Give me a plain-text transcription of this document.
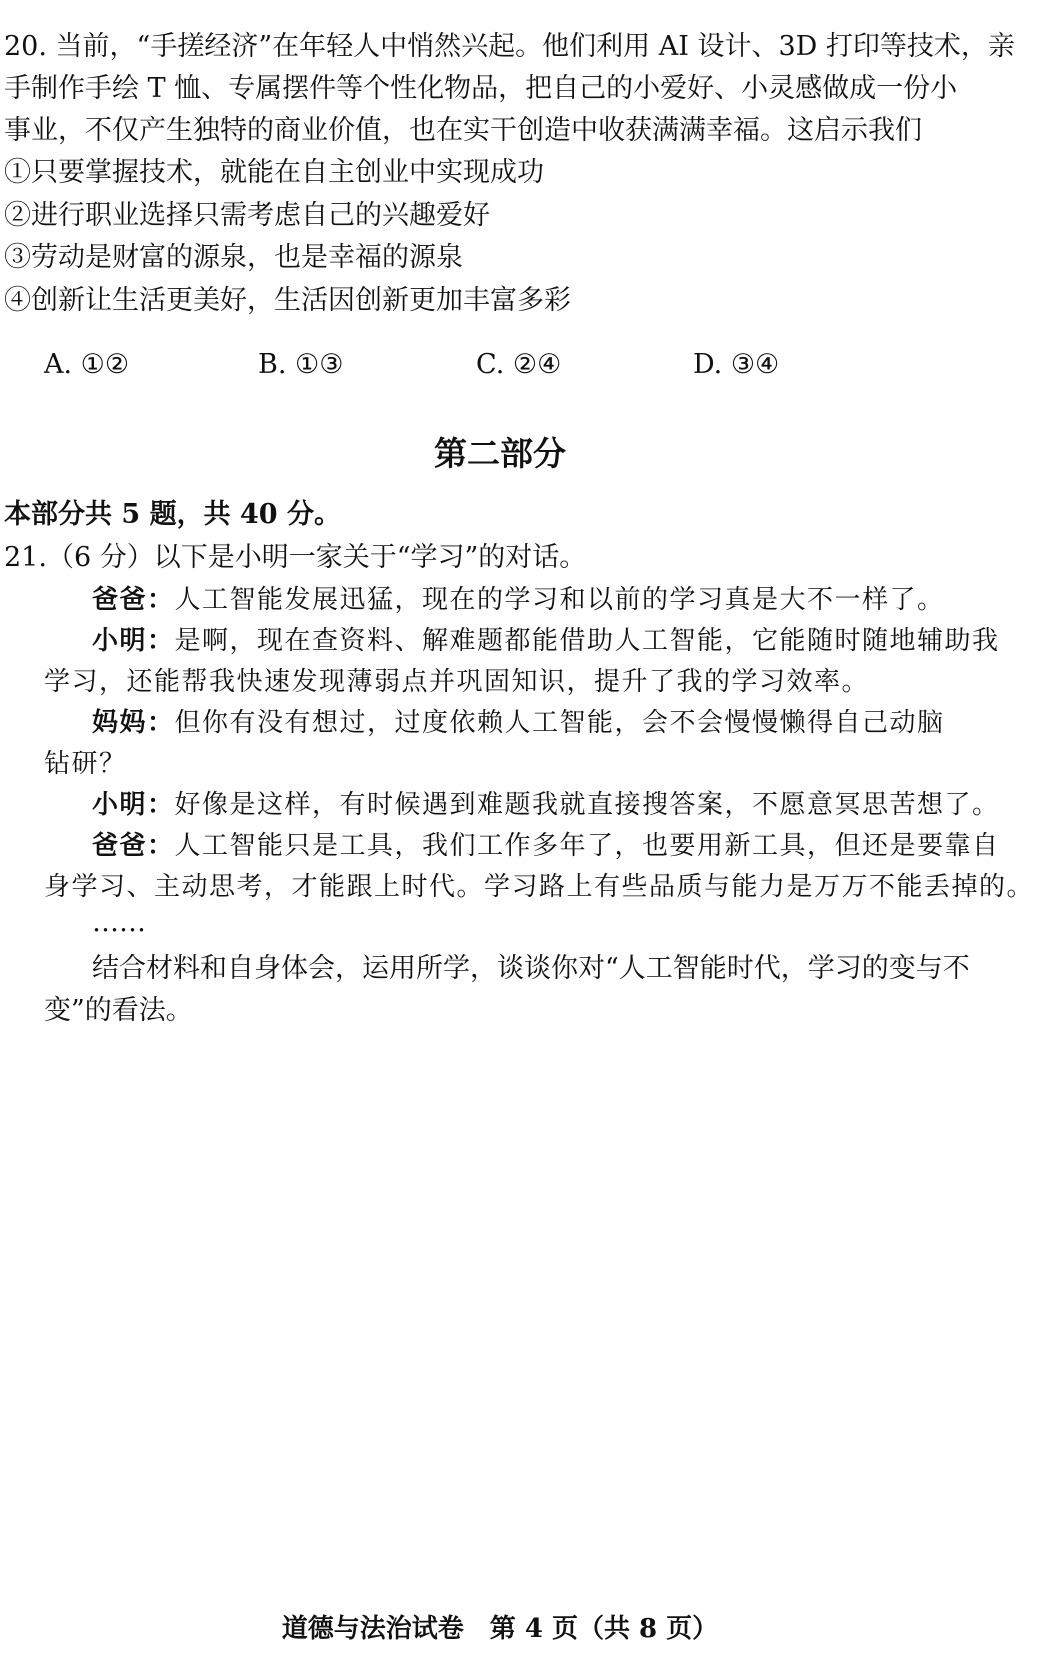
20. 当前，“手搓经济”在年轻人中悄然兴起。他们利用 AI 设计、3D 打印等技术，亲
手制作手绘 T 恤、专属摆件等个性化物品，把自己的小爱好、小灵感做成一份小
事业，不仅产生独特的商业价值，也在实干创造中收获满满幸福。这启示我们
①只要掌握技术，就能在自主创业中实现成功
②进行职业选择只需考虑自己的兴趣爱好
③劳动是财富的源泉，也是幸福的源泉
④创新让生活更美好，生活因创新更加丰富多彩
A. ①②	B. ①③	C. ②④	D. ③④
第二部分
本部分共 5 题，共 40 分。
21.（6 分）以下是小明一家关于“学习”的对话。
爸爸：人工智能发展迅猛，现在的学习和以前的学习真是大不一样了。
小明：是啊，现在查资料、解难题都能借助人工智能，它能随时随地辅助我
学习，还能帮我快速发现薄弱点并巩固知识，提升了我的学习效率。
妈妈：但你有没有想过，过度依赖人工智能，会不会慢慢懒得自己动脑
钻研？
小明：好像是这样，有时候遇到难题我就直接搜答案，不愿意冥思苦想了。
爸爸：人工智能只是工具，我们工作多年了，也要用新工具，但还是要靠自
身学习、主动思考，才能跟上时代。学习路上有些品质与能力是万万不能丢掉的。
……
结合材料和自身体会，运用所学，谈谈你对“人工智能时代，学习的变与不
变”的看法。
道德与法治试卷　第 4 页（共 8 页）
